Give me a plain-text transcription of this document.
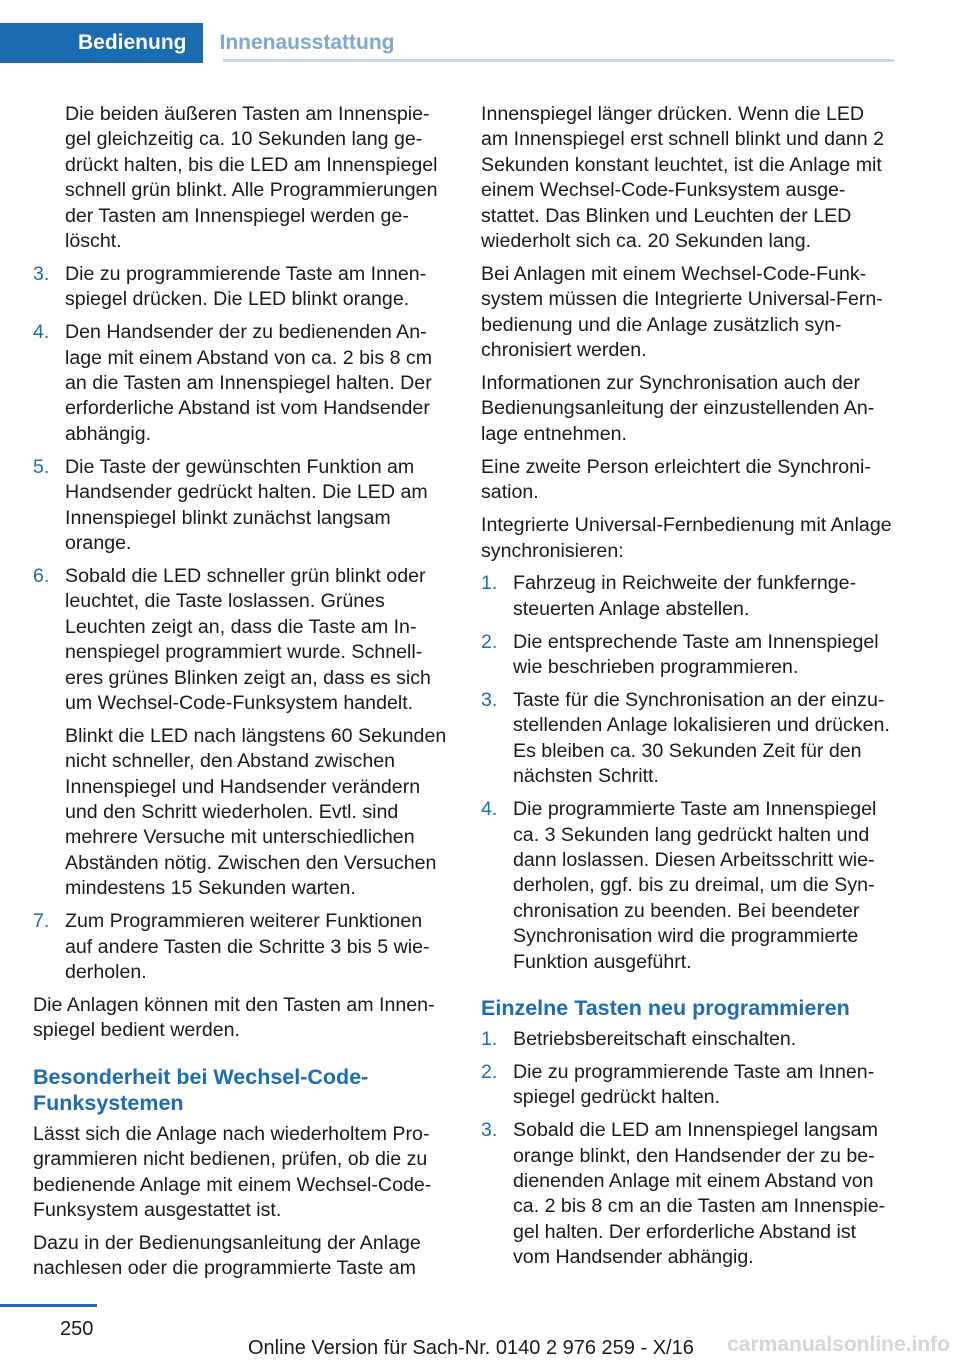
Bedienung	Innenausstattung

Die beiden äußeren Tasten am Innenspiegel gleichzeitig ca. 10 Sekunden lang gedrückt halten, bis die LED am Innenspiegel schnell grün blinkt. Alle Programmierungen der Tasten am Innenspiegel werden gelöscht.

3. Die zu programmierende Taste am Innenspiegel drücken. Die LED blinkt orange.
4. Den Handsender der zu bedienenden Anlage mit einem Abstand von ca. 2 bis 8 cm an die Tasten am Innenspiegel halten. Der erforderliche Abstand ist vom Handsender abhängig.
5. Die Taste der gewünschten Funktion am Handsender gedrückt halten. Die LED am Innenspiegel blinkt zunächst langsam orange.
6. Sobald die LED schneller grün blinkt oder leuchtet, die Taste loslassen. Grünes Leuchten zeigt an, dass die Taste am Innenspiegel programmiert wurde. Schnelleres grünes Blinken zeigt an, dass es sich um Wechsel-Code-Funksystem handelt.

Blinkt die LED nach längstens 60 Sekunden nicht schneller, den Abstand zwischen Innenspiegel und Handsender verändern und den Schritt wiederholen. Evtl. sind mehrere Versuche mit unterschiedlichen Abständen nötig. Zwischen den Versuchen mindestens 15 Sekunden warten.

7. Zum Programmieren weiterer Funktionen auf andere Tasten die Schritte 3 bis 5 wiederholen.

Die Anlagen können mit den Tasten am Innenspiegel bedient werden.

Besonderheit bei Wechsel-Code-Funksystemen

Lässt sich die Anlage nach wiederholtem Programmieren nicht bedienen, prüfen, ob die zu bedienende Anlage mit einem Wechsel-Code-Funksystem ausgestattet ist.

Dazu in der Bedienungsanleitung der Anlage nachlesen oder die programmierte Taste am

Innenspiegel länger drücken. Wenn die LED am Innenspiegel erst schnell blinkt und dann 2 Sekunden konstant leuchtet, ist die Anlage mit einem Wechsel-Code-Funksystem ausgestattet. Das Blinken und Leuchten der LED wiederholt sich ca. 20 Sekunden lang.

Bei Anlagen mit einem Wechsel-Code-Funksystem müssen die Integrierte Universal-Fernbedienung und die Anlage zusätzlich synchronisiert werden.

Informationen zur Synchronisation auch der Bedienungsanleitung der einzustellenden Anlage entnehmen.

Eine zweite Person erleichtert die Synchronisation.

Integrierte Universal-Fernbedienung mit Anlage synchronisieren:

1. Fahrzeug in Reichweite der funkferngesteuerten Anlage abstellen.
2. Die entsprechende Taste am Innenspiegel wie beschrieben programmieren.
3. Taste für die Synchronisation an der einzustellenden Anlage lokalisieren und drücken. Es bleiben ca. 30 Sekunden Zeit für den nächsten Schritt.
4. Die programmierte Taste am Innenspiegel ca. 3 Sekunden lang gedrückt halten und dann loslassen. Diesen Arbeitsschritt wiederholen, ggf. bis zu dreimal, um die Synchronisation zu beenden. Bei beendeter Synchronisation wird die programmierte Funktion ausgeführt.
Einzelne Tasten neu programmieren
1. Betriebsbereitschaft einschalten.
2. Die zu programmierende Taste am Innenspiegel gedrückt halten.
3. Sobald die LED am Innenspiegel langsam orange blinkt, den Handsender der zu bedienenden Anlage mit einem Abstand von ca. 2 bis 8 cm an die Tasten am Innenspiegel halten. Der erforderliche Abstand ist vom Handsender abhängig.
250
Online Version für Sach-Nr. 0140 2 976 259 - X/16 carmanualsonline.info
